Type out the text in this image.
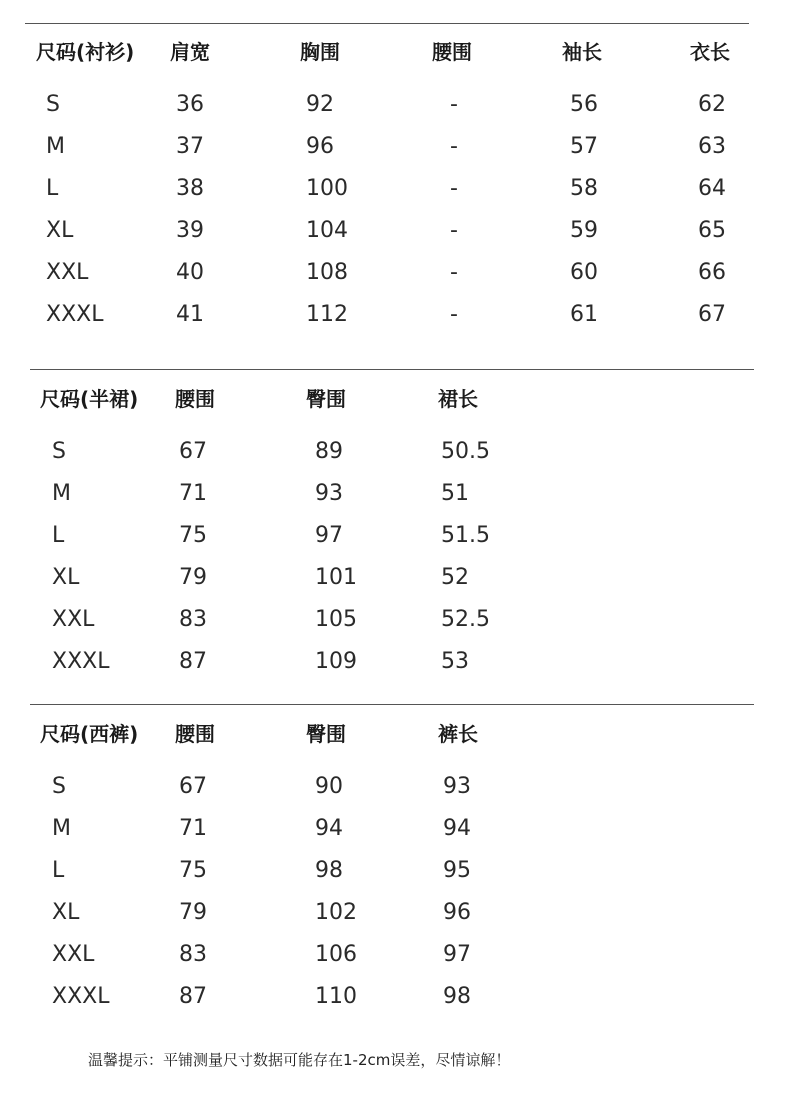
尺码(衬衫) 肩宽	胸围	腰围	袖长	衣长
S	36	92	-	56	62
M	37	96	-	57	63
L	38	100	-	58	64
XL	39	104	-	59	65
XXL	40	108	-	60	66
XXXL	41	112	-	61	67
尺码(半裙) 腰围	臀围	裙长
S	67	89	50.5
M	71	93	51
L	75	97	51.5
XL	79	101	52
XXL	83	105	52.5
XXXL	87	109	53
尺码(西裤) 腰围	臀围	裤长
S	67	90	93
M	71	94	94
L	75	98	95
XL	79	102	96
XXL	83	106	97
XXXL	87	110	98
温馨提示：平铺测量尺寸数据可能存在1-2cm误差，尽情谅解！
